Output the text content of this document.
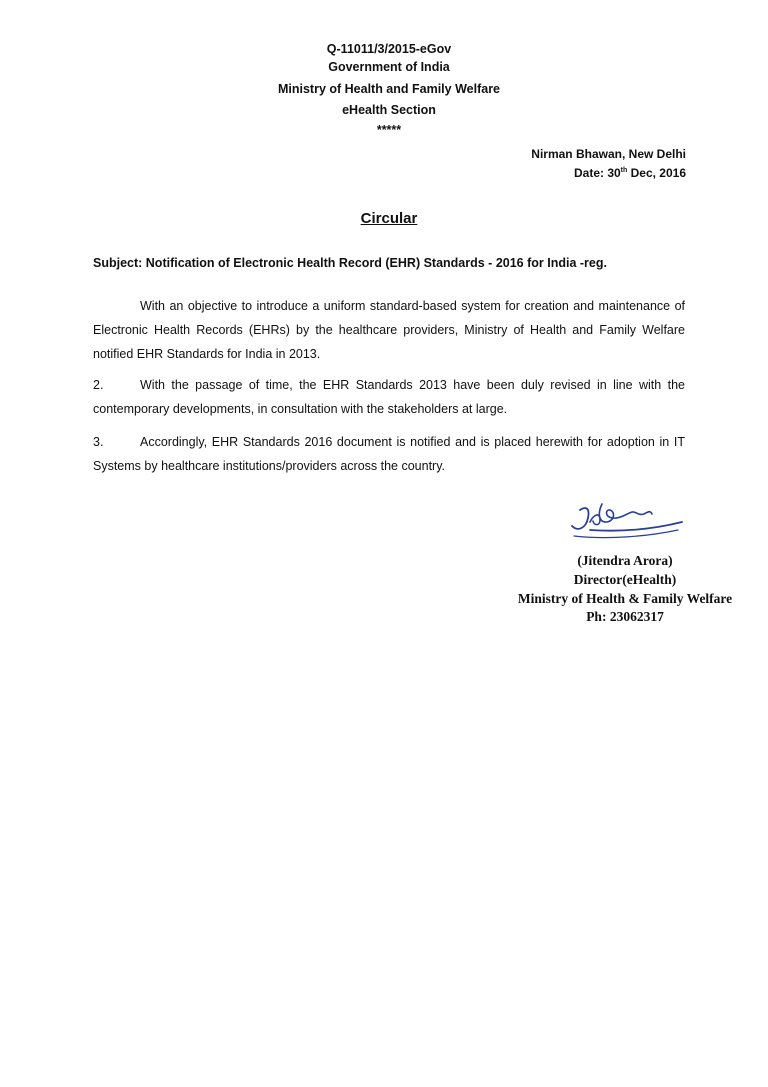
Q-11011/3/2015-eGov

Government of India

Ministry of Health and Family Welfare

eHealth Section

*****

Nirman Bhawan, New Delhi
Date: 30th Dec, 2016

Circular

Subject: Notification of Electronic Health Record (EHR) Standards - 2016 for India -reg.

With an objective to introduce a uniform standard-based system for creation and maintenance of Electronic Health Records (EHRs) by the healthcare providers, Ministry of Health and Family Welfare notified EHR Standards for India in 2013.

2.	With the passage of time, the EHR Standards 2013 have been duly revised in line with the contemporary developments, in consultation with the stakeholders at large.

3.	Accordingly, EHR Standards 2016 document is notified and is placed herewith for adoption in IT Systems by healthcare institutions/providers across the country.

(Jitendra Arora)

Director(eHealth)

Ministry of Health & Family Welfare

Ph: 23062317
